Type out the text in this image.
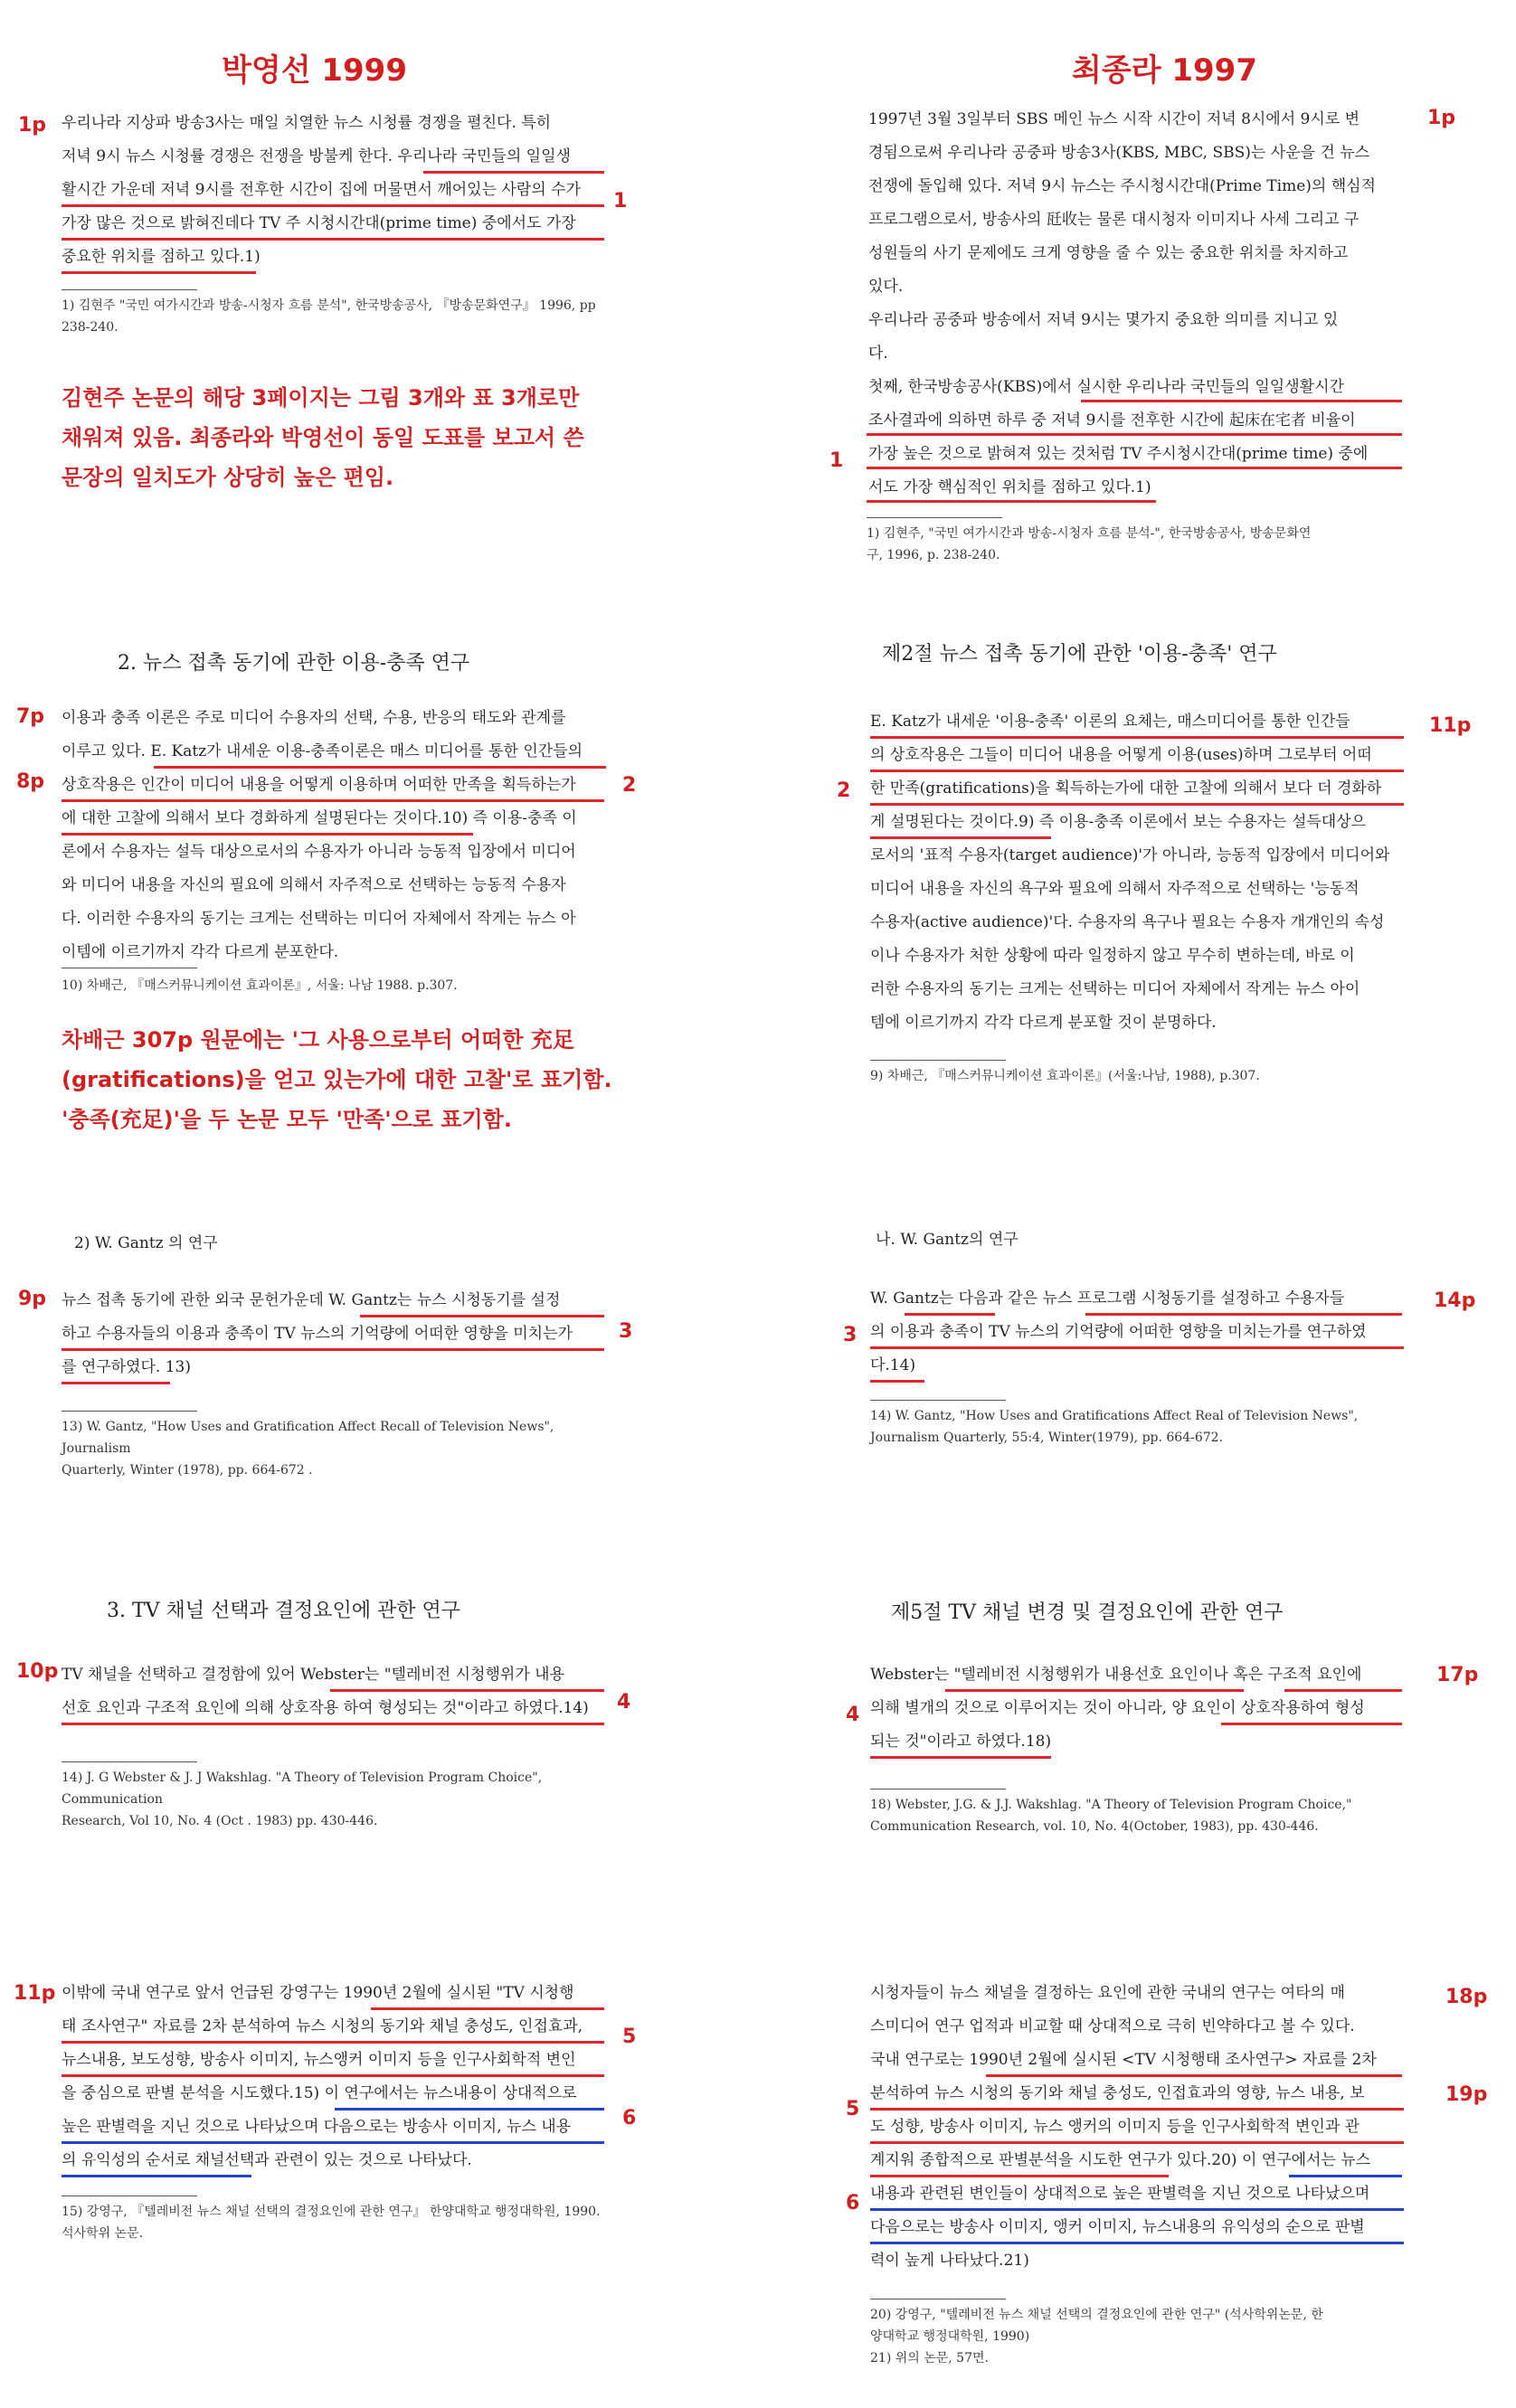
박영선 1999	최종라 1997
1p 우리나라 지상파 방송3사는 매일 치열한 뉴스 시청률 경쟁을 펼친다. 특히
저녁 9시 뉴스 시청률 경쟁은 전쟁을 방불케 한다. 우리나라 국민들의 일일생
활시간 가운데 저녁 9시를 전후한 시간이 집에 머물면서 깨어있는 사람의 수가
가장 많은 것으로 밝혀진데다 TV 주 시청시간대(prime time) 중에서도 가장
중요한 위치를 점하고 있다.1)
1
1) 김현주 "국민 여가시간과 방송-시청자 흐름 분석", 한국방송공사, 『방송문화연구』 1996, pp
238-240.
1p
1997년 3월 3일부터 SBS 메인 뉴스 시작 시간이 저녁 8시에서 9시로 변
경됨으로써 우리나라 공중파 방송3사(KBS, MBC, SBS)는 사운을 건 뉴스
전쟁에 돌입해 있다. 저녁 9시 뉴스는 주시청시간대(Prime Time)의 핵심적
프로그램으로서, 방송사의 瓩收는 물론 대시청자 이미지나 사세 그리고 구
성원들의 사기 문제에도 크게 영향을 줄 수 있는 중요한 위치를 차지하고
있다.
우리나라 공중파 방송에서 저녁 9시는 몇가지 중요한 의미를 지니고 있
다.
첫째, 한국방송공사(KBS)에서 실시한 우리나라 국민들의 일일생활시간
조사결과에 의하면 하루 중 저녁 9시를 전후한 시간에 起床在宅者 비율이
가장 높은 것으로 밝혀져 있는 것처럼 TV 주시청시간대(prime time) 중에
서도 가장 핵심적인 위치를 점하고 있다.1)
1
1) 김현주, "국민 여가시간과 방송-시청자 흐름 분석-", 한국방송공사, 방송문화연
구, 1996, p. 238-240.
김현주 논문의 해당 3페이지는 그림 3개와 표 3개로만
채워져 있음. 최종라와 박영선이 동일 도표를 보고서 쓴
문장의 일치도가 상당히 높은 편임.
2. 뉴스 접촉 동기에 관한 이용-충족 연구
7p
8p
이용과 충족 이론은 주로 미디어 수용자의 선택, 수용, 반응의 태도와 관계를
이루고 있다. E. Katz가 내세운 이용-충족이론은 매스 미디어를 통한 인간들의
상호작용은 인간이 미디어 내용을 어떻게 이용하며 어떠한 만족을 획득하는가
에 대한 고찰에 의해서 보다 경화하게 설명된다는 것이다.10) 즉 이용-충족 이
론에서 수용자는 설득 대상으로서의 수용자가 아니라 능동적 입장에서 미디어
와 미디어 내용을 자신의 필요에 의해서 자주적으로 선택하는 능동적 수용자
다. 이러한 수용자의 동기는 크게는 선택하는 미디어 자체에서 작게는 뉴스 아
이템에 이르기까지 각각 다르게 분포한다.
2
10) 차배근, 『매스커뮤니케이션 효과이론』, 서울: 나남 1988. p.307.
차배근 307p 원문에는 '그 사용으로부터 어떠한 充足
(gratifications)을 얻고 있는가에 대한 고찰'로 표기함.
'충족(充足)'을 두 논문 모두 '만족'으로 표기함.
제2절 뉴스 접촉 동기에 관한 '이용-충족' 연구
11p
E. Katz가 내세운 '이용-충족' 이론의 요체는, 매스미디어를 통한 인간들
의 상호작용은 그들이 미디어 내용을 어떻게 이용(uses)하며 그로부터 어떠
한 만족(gratifications)을 획득하는가에 대한 고찰에 의해서 보다 더 경화하
게 설명된다는 것이다.9) 즉 이용-충족 이론에서 보는 수용자는 설득대상으
로서의 '표적 수용자(target audience)'가 아니라, 능동적 입장에서 미디어와
미디어 내용을 자신의 욕구와 필요에 의해서 자주적으로 선택하는 '능동적
수용자(active audience)'다. 수용자의 욕구나 필요는 수용자 개개인의 속성
이나 수용자가 처한 상황에 따라 일정하지 않고 무수히 변하는데, 바로 이
러한 수용자의 동기는 크게는 선택하는 미디어 자체에서 작게는 뉴스 아이
템에 이르기까지 각각 다르게 분포할 것이 분명하다.
2
9) 차배근, 『매스커뮤니케이션 효과이론』(서울:나남, 1988), p.307.
2) W. Gantz 의 연구
9p 뉴스 접촉 동기에 관한 외국 문헌가운데 W. Gantz는 뉴스 시청동기를 설정
하고 수용자들의 이용과 충족이 TV 뉴스의 기억량에 어떠한 영향을 미치는가
를 연구하였다. 13)
3
13) W. Gantz, "How Uses and Gratification Affect Recall of Television News", Journalism
Quarterly, Winter (1978), pp. 664-672 .
나. W. Gantz의 연구
14p
W. Gantz는 다음과 같은 뉴스 프로그램 시청동기를 설정하고 수용자들
의 이용과 충족이 TV 뉴스의 기억량에 어떠한 영향을 미치는가를 연구하였
다.14)
3
14) W. Gantz, "How Uses and Gratifications Affect Real of Television News",
Journalism Quarterly, 55:4, Winter(1979), pp. 664-672.
3. TV 채널 선택과 결정요인에 관한 연구
10p TV 채널을 선택하고 결정함에 있어 Webster는 "텔레비전 시청행위가 내용
선호 요인과 구조적 요인에 의해 상호작용 하여 형성되는 것"이라고 하였다.14)	4
14) J. G Webster & J. J Wakshlag. "A Theory of Television Program Choice", Communication
Research, Vol 10, No. 4 (Oct . 1983) pp. 430-446.
제5절 TV 채널 변경 및 결정요인에 관한 연구
17p
Webster는 "텔레비전 시청행위가 내용선호 요인이나 혹은 구조적 요인에
의해 별개의 것으로 이루어지는 것이 아니라, 양 요인이 상호작용하여 형성
되는 것"이라고 하였다.18)
4
18) Webster, J.G. & J.J. Wakshlag. "A Theory of Television Program Choice,"
Communication Research, vol. 10, No. 4(October, 1983), pp. 430-446.
11p 이밖에 국내 연구로 앞서 언급된 강영구는 1990년 2월에 실시된 "TV 시청행
태 조사연구" 자료를 2차 분석하여 뉴스 시청의 동기와 채널 충성도, 인접효과,
뉴스내용, 보도성향, 방송사 이미지, 뉴스앵커 이미지 등을 인구사회학적 변인
을 중심으로 판별 분석을 시도했다.15) 이 연구에서는 뉴스내용이 상대적으로
높은 판별력을 지닌 것으로 나타났으며 다음으로는 방송사 이미지, 뉴스 내용
의 유익성의 순서로 채널선택과 관련이 있는 것으로 나타났다.
5
6
15) 강영구, 『텔레비전 뉴스 채널 선택의 결정요인에 관한 연구』 한양대학교 행정대학원, 1990.
석사학위 논문.
18p
19p
시청자들이 뉴스 채널을 결정하는 요인에 관한 국내의 연구는 여타의 매
스미디어 연구 업적과 비교할 때 상대적으로 극히 빈약하다고 볼 수 있다.
국내 연구로는 1990년 2월에 실시된 <TV 시청행태 조사연구> 자료를 2차
분석하여 뉴스 시청의 동기와 채널 충성도, 인접효과의 영향, 뉴스 내용, 보
도 성향, 방송사 이미지, 뉴스 앵커의 이미지 등을 인구사회학적 변인과 관
계지워 종합적으로 판별분석을 시도한 연구가 있다.20) 이 연구에서는 뉴스
내용과 관련된 변인들이 상대적으로 높은 판별력을 지닌 것으로 나타났으며
다음으로는 방송사 이미지, 앵커 이미지, 뉴스내용의 유익성의 순으로 판별
력이 높게 나타났다.21)
5
6
20) 강영구, "텔레비전 뉴스 채널 선택의 결정요인에 관한 연구" (석사학위논문, 한
양대학교 행정대학원, 1990)
21) 위의 논문, 57면.
